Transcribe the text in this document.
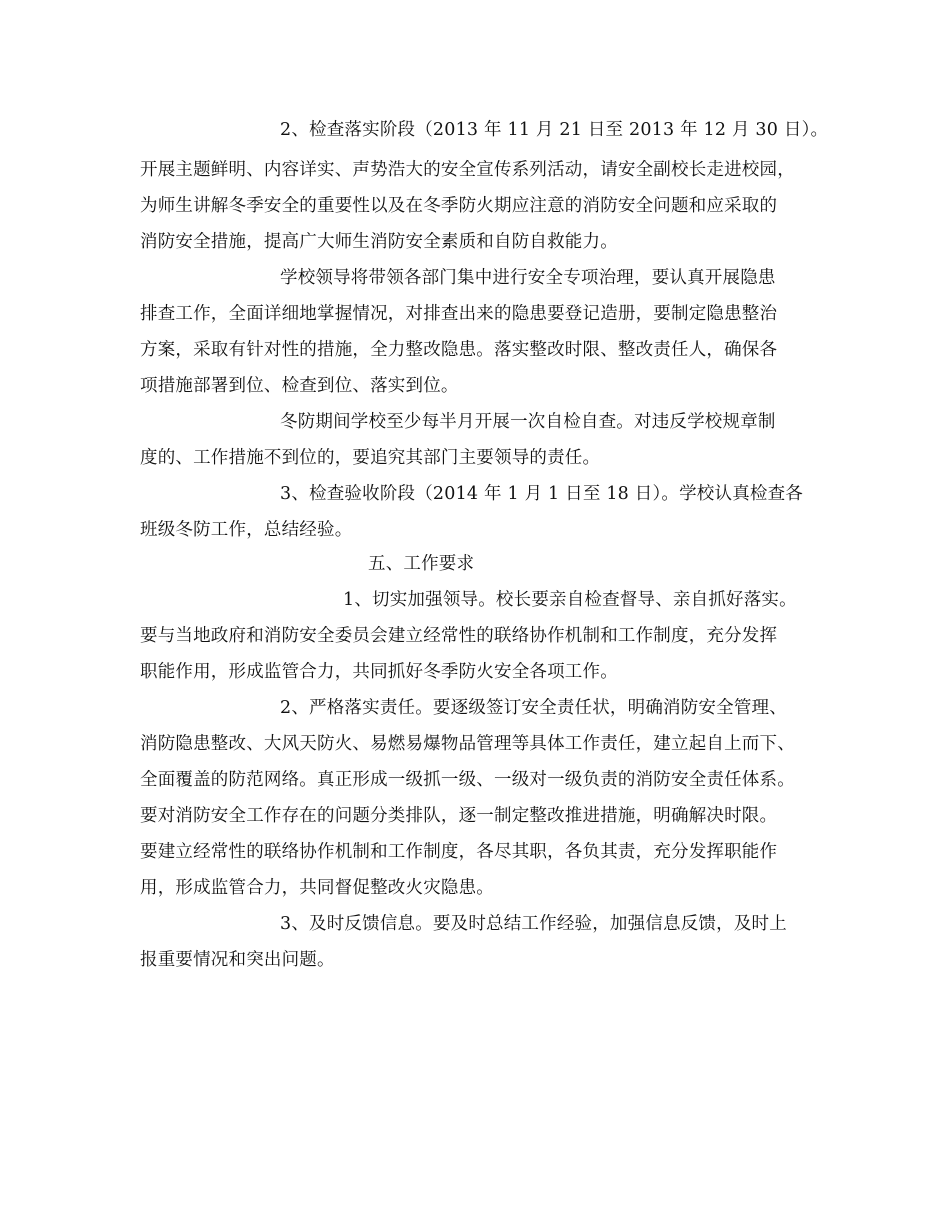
2、检查落实阶段（2013 年 11 月 21 日至 2013 年 12 月 30 日）。
开展主题鲜明、内容详实、声势浩大的安全宣传系列活动，请安全副校长走进校园，
为师生讲解冬季安全的重要性以及在冬季防火期应注意的消防安全问题和应采取的
消防安全措施，提高广大师生消防安全素质和自防自救能力。
学校领导将带领各部门集中进行安全专项治理，要认真开展隐患
排查工作，全面详细地掌握情况，对排查出来的隐患要登记造册，要制定隐患整治
方案，采取有针对性的措施，全力整改隐患。落实整改时限、整改责任人，确保各
项措施部署到位、检查到位、落实到位。
冬防期间学校至少每半月开展一次自检自查。对违反学校规章制
度的、工作措施不到位的，要追究其部门主要领导的责任。
3、检查验收阶段（2014 年 1 月 1 日至 18 日）。学校认真检查各
班级冬防工作，总结经验。
五、工作要求
1、切实加强领导。校长要亲自检查督导、亲自抓好落实。
要与当地政府和消防安全委员会建立经常性的联络协作机制和工作制度，充分发挥
职能作用，形成监管合力，共同抓好冬季防火安全各项工作。
2、严格落实责任。要逐级签订安全责任状，明确消防安全管理、
消防隐患整改、大风天防火、易燃易爆物品管理等具体工作责任，建立起自上而下、
全面覆盖的防范网络。真正形成一级抓一级、一级对一级负责的消防安全责任体系。
要对消防安全工作存在的问题分类排队，逐一制定整改推进措施，明确解决时限。
要建立经常性的联络协作机制和工作制度，各尽其职，各负其责，充分发挥职能作
用，形成监管合力，共同督促整改火灾隐患。
3、及时反馈信息。要及时总结工作经验，加强信息反馈，及时上
报重要情况和突出问题。
